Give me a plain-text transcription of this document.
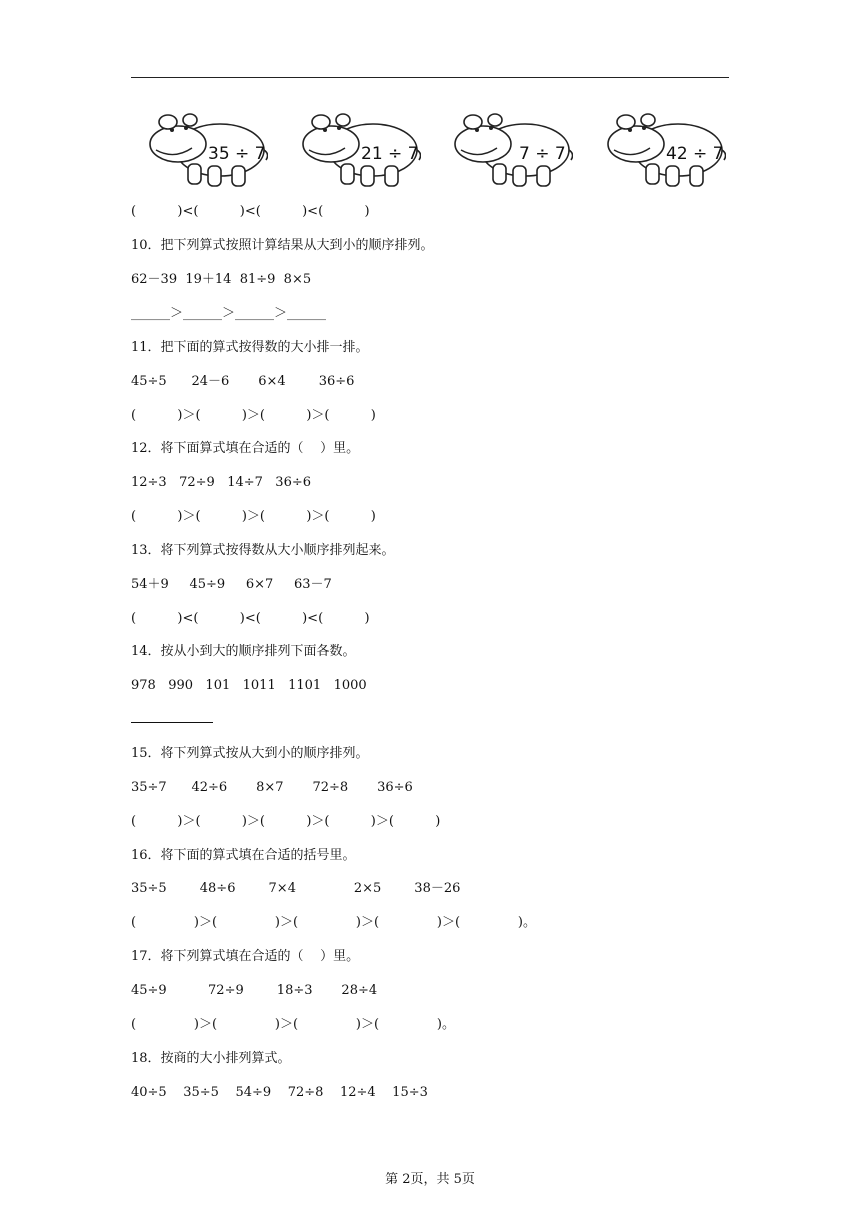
35 ÷ 7	21 ÷ 7	7 ÷ 7	42 ÷ 7
(          )<(          )<(          )<(          )
10．把下列算式按照计算结果从大到小的顺序排列。
62－39  19＋14  81÷9  8×5
______＞______＞______＞______
11．把下面的算式按得数的大小排一排。
45÷5      24－6       6×4        36÷6
(          )＞(          )＞(          )＞(          )
12．将下面算式填在合适的（    ）里。
12÷3   72÷9   14÷7   36÷6
(          )＞(          )＞(          )＞(          )
13．将下列算式按得数从大小顺序排列起来。
54＋9     45÷9     6×7     63－7
(          )<(          )<(          )<(          )
14．按从小到大的顺序排列下面各数。
978   990   101   1011   1101   1000
15．将下列算式按从大到小的顺序排列。
35÷7      42÷6       8×7       72÷8       36÷6
(          )＞(          )＞(          )＞(          )＞(          )
16．将下面的算式填在合适的括号里。
35÷5        48÷6        7×4              2×5        38－26
(              )＞(              )＞(              )＞(              )＞(              )。
17．将下列算式填在合适的（    ）里。
45÷9          72÷9        18÷3       28÷4
(              )＞(              )＞(              )＞(              )。
18．按商的大小排列算式。
40÷5    35÷5    54÷9    72÷8    12÷4    15÷3
第 2页，共 5页
